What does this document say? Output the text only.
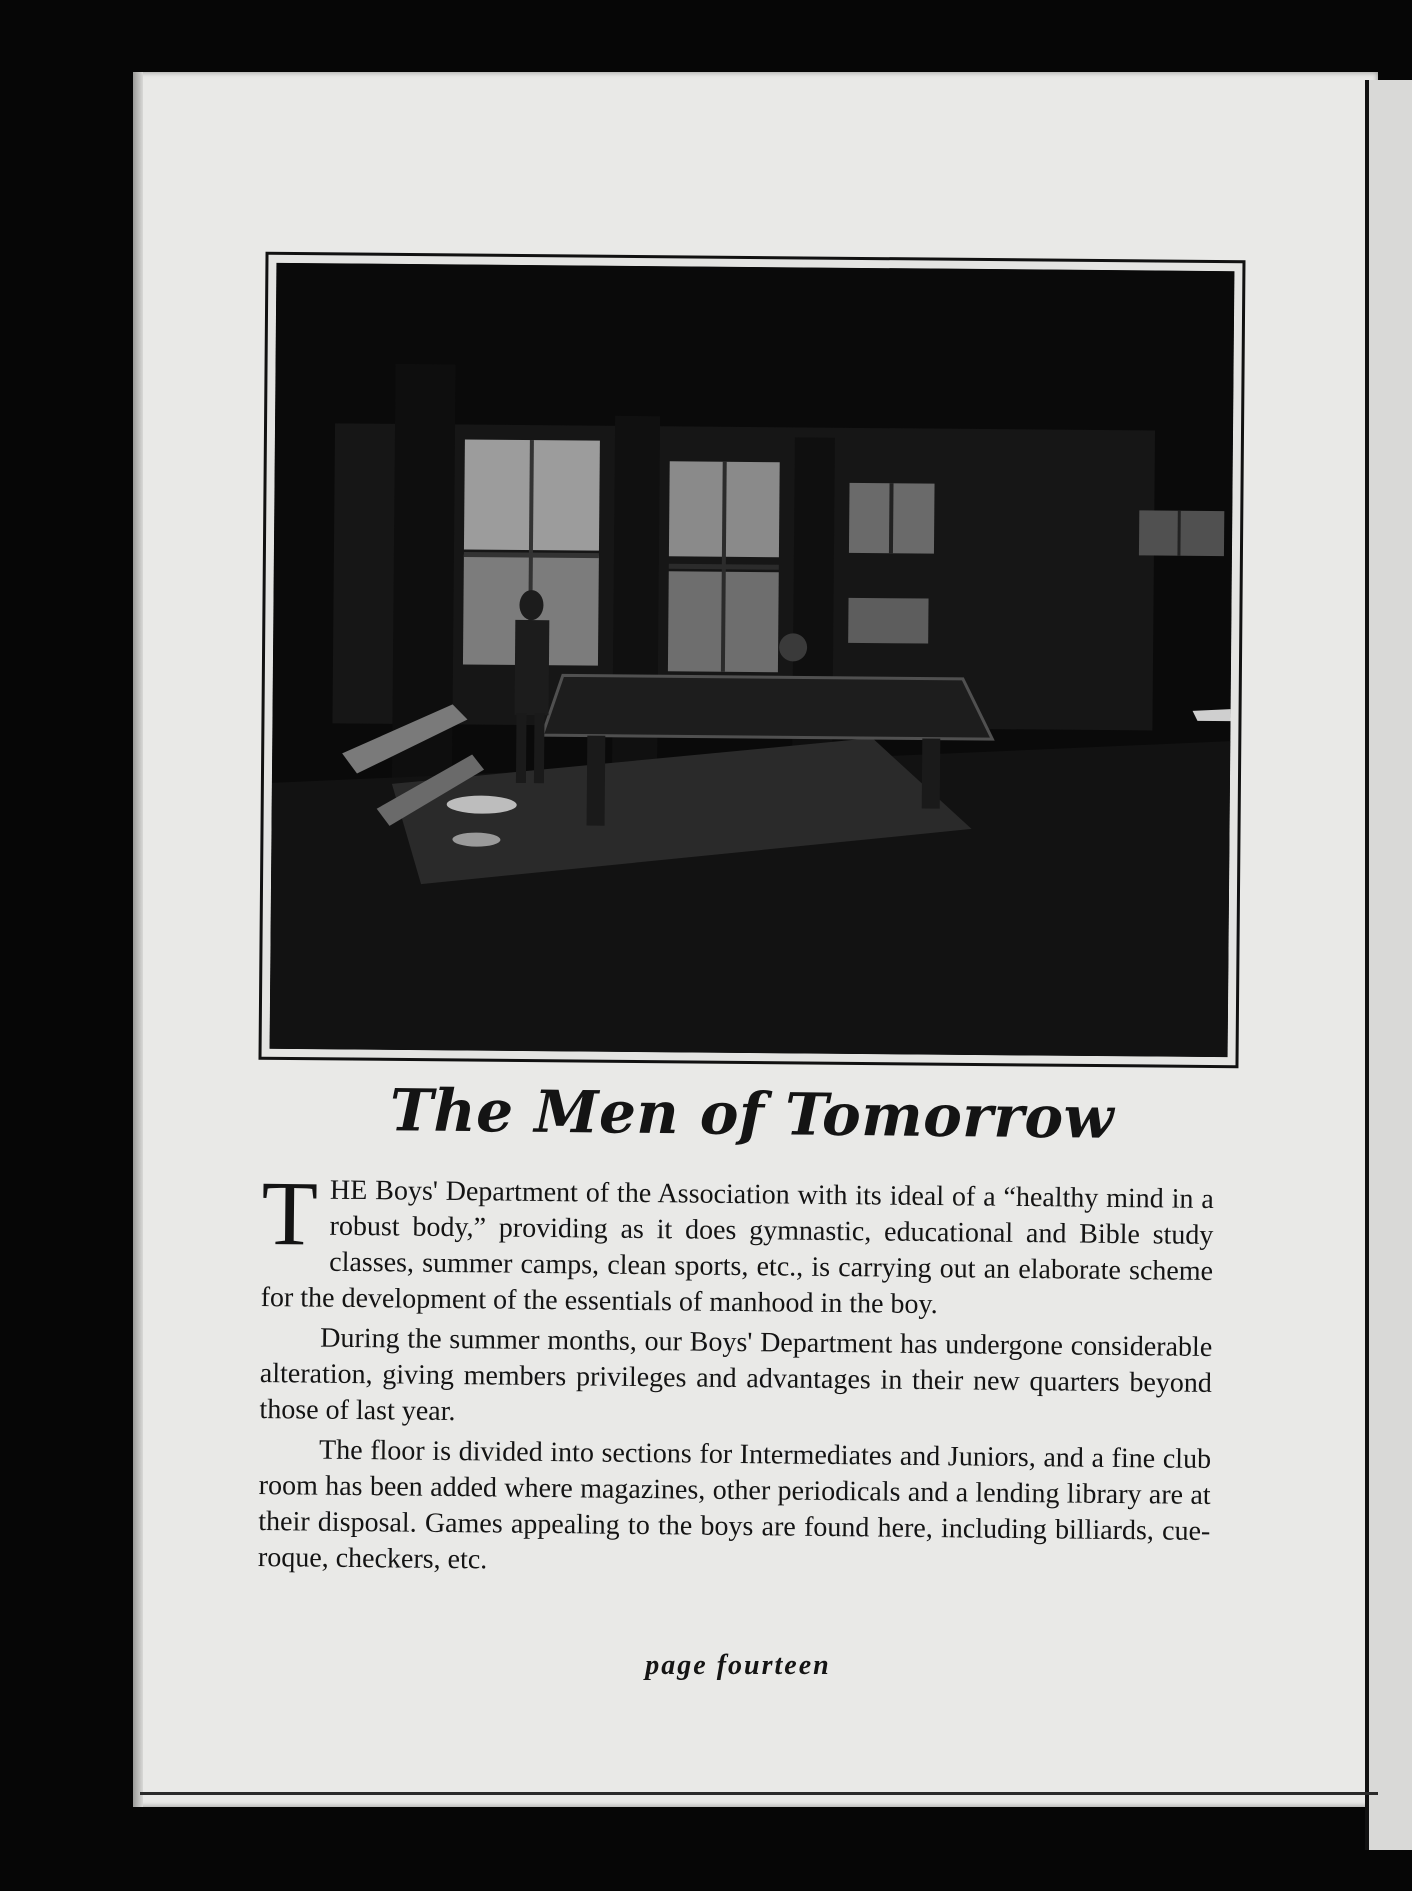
The Men of Tomorrow

THE Boys' Department of the Association with its ideal of a “healthy mind in a robust body,” providing as it does gymnastic, educational and Bible study classes, summer camps, clean sports, etc., is carrying out an elaborate scheme for the development of the essentials of manhood in the boy.

During the summer months, our Boys' Department has undergone considerable alteration, giving members privileges and advantages in their new quarters beyond those of last year.

The floor is divided into sections for Intermediates and Juniors, and a fine club room has been added where magazines, other periodicals and a lending library are at their disposal. Games appealing to the boys are found here, including billiards, cue-roque, checkers, etc.

page fourteen
